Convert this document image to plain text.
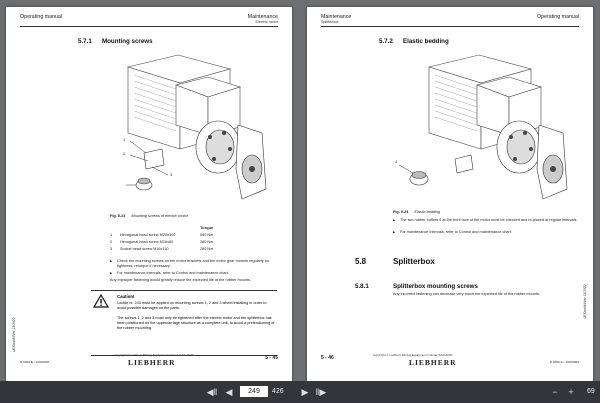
Operating manual	Maintenance
Electric motor
5.7.1 Mounting screws
1
2
3
Fig. 5-23 Mounting screws of electric motor
Torque
1 Hexagonal head screw M20x100	540 Nm
2 Hexagonal head screw M16x80	280 Nm
3 Socket head screw M16x110	280 Nm
▶ Check the mounting screws on the motor brackets and the motor gear mounts regularly for tightness, retorque if necessary.
▶ For maintenance intervals, refer to Control and maintenance chart.
Any improper fastening would greatly reduce the expected life of the rubber mounts.
Caution!
Loctite nr. 243 must be applied on mounting screws 1, 2 and 3 wheel installing in order to avoid possible damages on the parts.
The screws 1, 2 and 3 must only be tightened after the electric motor and the splitterbox has been positioned on the uppercarriage structure as a complete unit, to avoid a pretendioning of the rubber mounting.
UE/DocMit/Ver 12/2020
R 9350 E / 10300895
copyright © Liebherr-Mining Equipment Colmar SAS 2020
LIEBHERR	5 - 45
Maintenance
Splitterbox
Operating manual
5.7.2 Elastic bedding
4
Fig. 5-24 Elastic bedding
▶ The two rubber buffers 4 at the front face of the motor must be checked and re-placed at regular intervals.
▶ For maintenance intervals, refer to Control and maintenance chart.
5.8	Splitterbox
5.8.1	Splitterbox mounting screws
Any incorrect fastening can decrease very much the expected life of the rubber mounts.	UE/DocMit/Ver 12/2020
5 - 46	copyright © Liebherr-Mining Equipment Colmar SAS 2020
LIEBHERR	R 9350 E / 10300895
◀‖ ◀
249	/ 426	▶ ‖▶	−	+	69
